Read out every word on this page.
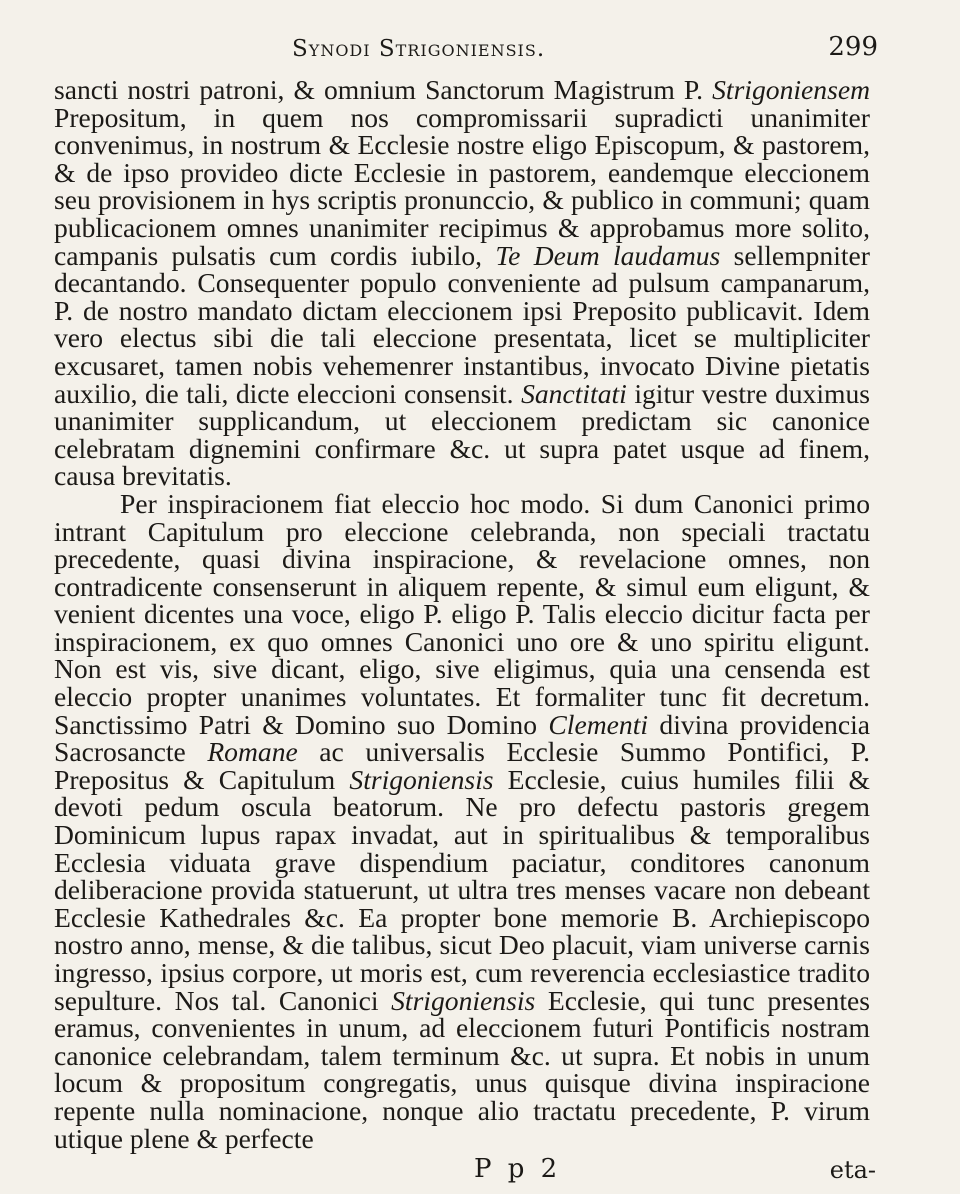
Synodi Strigoniensis.	299

sancti nostri patroni, & omnium Sanctorum Magistrum P. Strigoniensem Prepositum, in quem nos compromissarii supradicti unanimiter convenimus, in nostrum & Ecclesie nostre eligo Episcopum, & pastorem, & de ipso provideo dicte Ecclesie in pastorem, eandemque eleccionem seu provisionem in hys scriptis pronunccio, & publico in communi; quam publicacionem omnes unanimiter recipimus & approbamus more solito, campanis pulsatis cum cordis iubilo, Te Deum laudamus sellempniter decantando. Consequenter populo conveniente ad pulsum campanarum, P. de nostro mandato dictam eleccionem ipsi Preposito publicavit. Idem vero electus sibi die tali eleccione presentata, licet se multipliciter excusaret, tamen nobis vehemenrer instantibus, invocato Divine pietatis auxilio, die tali, dicte eleccioni consensit. Sanctitati igitur vestre duximus unanimiter supplicandum, ut eleccionem predictam sic canonice celebratam dignemini confirmare &c. ut supra patet usque ad finem, causa brevitatis.

Per inspiracionem fiat eleccio hoc modo. Si dum Canonici primo intrant Capitulum pro eleccione celebranda, non speciali tractatu precedente, quasi divina inspiracione, & revelacione omnes, non contradicente consenserunt in aliquem repente, & simul eum eligunt, & venient dicentes una voce, eligo P. eligo P. Talis eleccio dicitur facta per inspiracionem, ex quo omnes Canonici uno ore & uno spiritu eligunt. Non est vis, sive dicant, eligo, sive eligimus, quia una censenda est eleccio propter unanimes voluntates. Et formaliter tunc fit decretum. Sanctissimo Patri & Domino suo Domino Clementi divina providencia Sacrosancte Romane ac universalis Ecclesie Summo Pontifici, P. Prepositus & Capitulum Strigoniensis Ecclesie, cuius humiles filii & devoti pedum oscula beatorum. Ne pro defectu pastoris gregem Dominicum lupus rapax invadat, aut in spiritualibus & temporalibus Ecclesia viduata grave dispendium paciatur, conditores canonum deliberacione provida statuerunt, ut ultra tres menses vacare non debeant Ecclesie Kathedrales &c. Ea propter bone memorie B. Archiepiscopo nostro anno, mense, & die talibus, sicut Deo placuit, viam universe carnis ingresso, ipsius corpore, ut moris est, cum reverencia ecclesiastice tradito sepulture. Nos tal. Canonici Strigoniensis Ecclesie, qui tunc presentes eramus, convenientes in unum, ad eleccionem futuri Pontificis nostram canonice celebrandam, talem terminum &c. ut supra. Et nobis in unum locum & propositum congregatis, unus quisque divina inspiracione repente nulla nominacione, nonque alio tractatu precedente, P. virum utique plene & perfecte

P p 2	eta-
